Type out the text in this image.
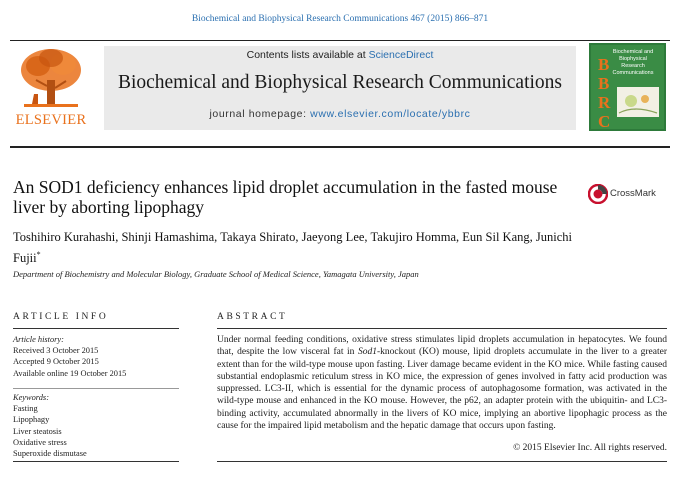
Biochemical and Biophysical Research Communications 467 (2015) 866–871
ELSEVIER
Contents lists available at ScienceDirect
Biochemical and Biophysical Research Communications
journal homepage: www.elsevier.com/locate/ybbrc
Biochemical and
Biophysical
Research
Communications
B
B
R
C
An SOD1 deficiency enhances lipid droplet accumulation in the fasted mouse liver by aborting lipophagy
CrossMark
Toshihiro Kurahashi, Shinji Hamashima, Takaya Shirato, Jaeyong Lee, Takujiro Homma, Eun Sil Kang, Junichi Fujii*
Department of Biochemistry and Molecular Biology, Graduate School of Medical Science, Yamagata University, Japan
ARTICLE INFO	ABSTRACT
Article history:
Received 3 October 2015
Accepted 9 October 2015
Available online 19 October 2015
Keywords:
Fasting
Lipophagy
Liver steatosis
Oxidative stress
Superoxide dismutase
Under normal feeding conditions, oxidative stress stimulates lipid droplets accumulation in hepatocytes. We found that, despite the low visceral fat in Sod1-knockout (KO) mouse, lipid droplets accumulate in the liver to a greater extent than for the wild-type mouse upon fasting. Liver damage became evident in the KO mice. While fasting caused substantial endoplasmic reticulum stress in KO mice, the expression of genes involved in fatty acid production was suppressed. LC3-II, which is essential for the dynamic process of autophagosome formation, was activated in the wild-type mouse and enhanced in the KO mouse. However, the p62, an adapter protein with the ubiquitin- and LC3-binding activity, accumulated abnormally in the livers of KO mice, implying an abortive lipophagic process as the cause for the impaired lipid metabolism and the hepatic damage that occurs upon fasting.
© 2015 Elsevier Inc. All rights reserved.
